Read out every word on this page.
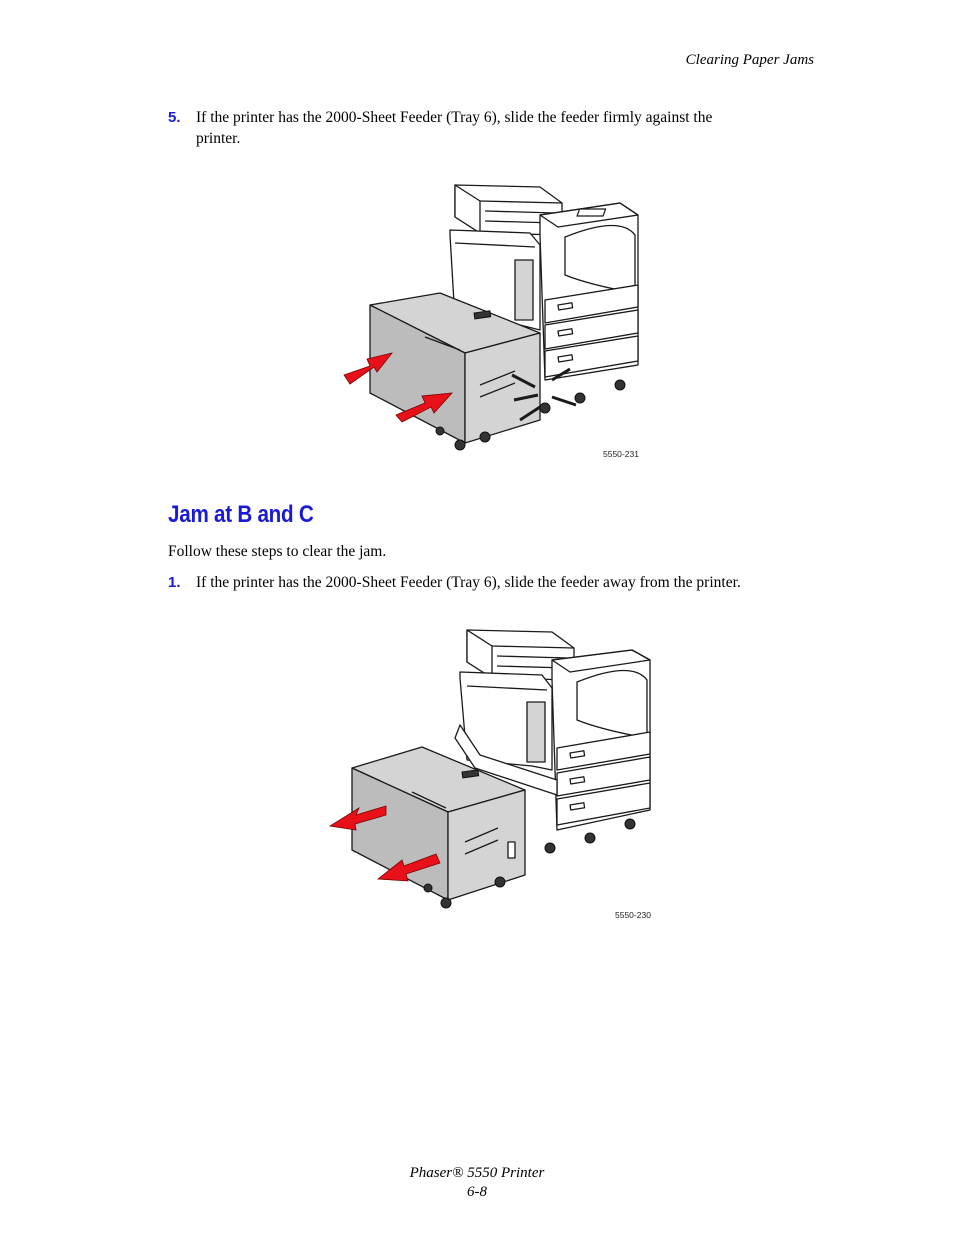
Clearing Paper Jams
5. If the printer has the 2000-Sheet Feeder (Tray 6), slide the feeder firmly against the
printer.
5550-231
Jam at B and C
Follow these steps to clear the jam.
1. If the printer has the 2000-Sheet Feeder (Tray 6), slide the feeder away from the printer.
5550-230
Phaser® 5550 Printer
6-8
